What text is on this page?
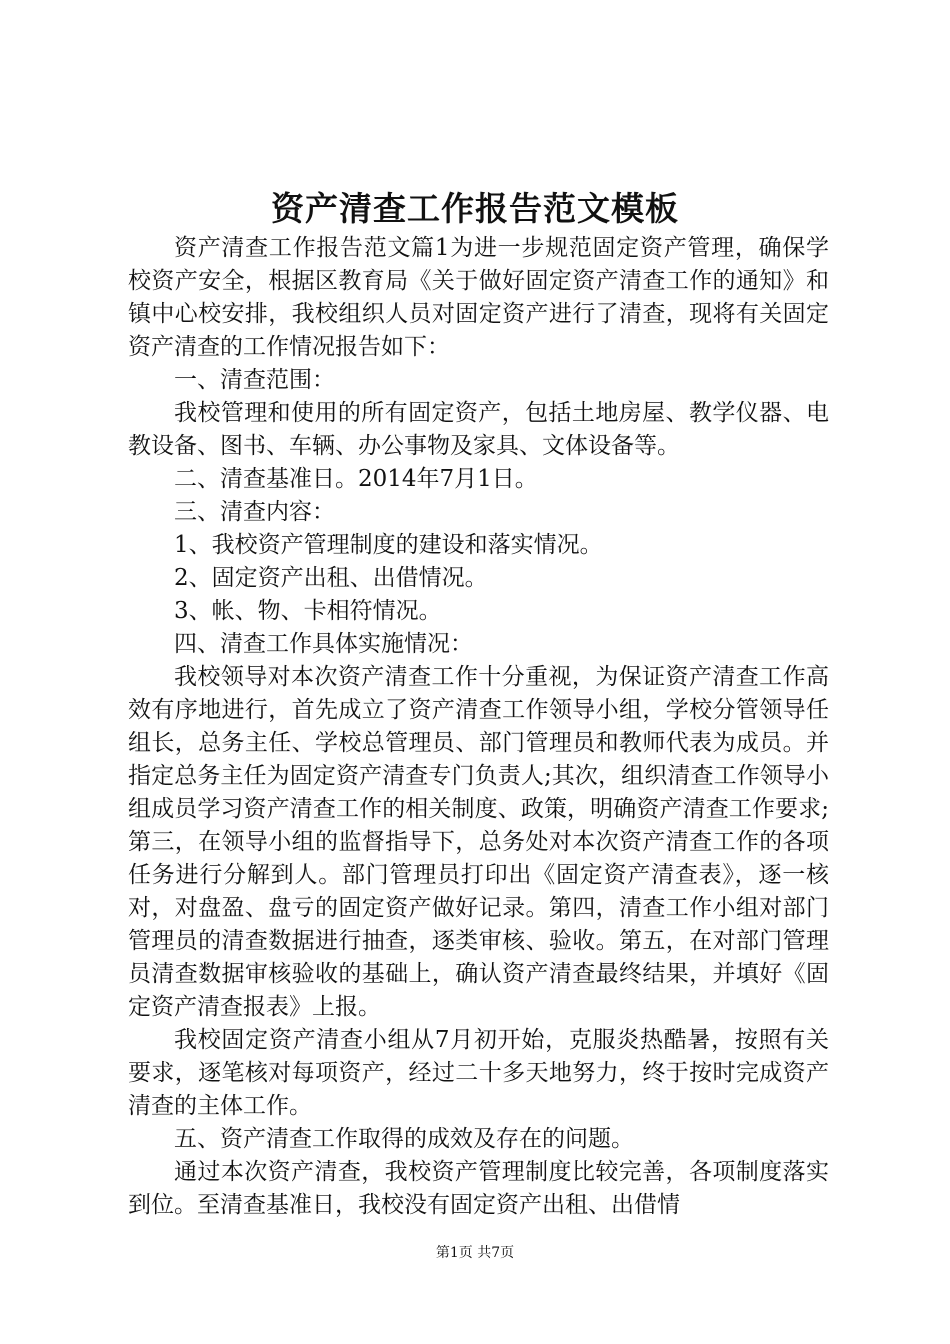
资产清查工作报告范文模板

资产清查工作报告范文篇1为进一步规范固定资产管理，确保学校资产安全，根据区教育局《关于做好固定资产清查工作的通知》和镇中心校安排，我校组织人员对固定资产进行了清查，现将有关固定资产清查的工作情况报告如下：

一、清查范围：

我校管理和使用的所有固定资产，包括土地房屋、教学仪器、电教设备、图书、车辆、办公事物及家具、文体设备等。

二、清查基准日。2014年7月1日。

三、清查内容：

1、我校资产管理制度的建设和落实情况。

2、固定资产出租、出借情况。

3、帐、物、卡相符情况。

四、清查工作具体实施情况：

我校领导对本次资产清查工作十分重视，为保证资产清查工作高效有序地进行，首先成立了资产清查工作领导小组，学校分管领导任组长，总务主任、学校总管理员、部门管理员和教师代表为成员。并指定总务主任为固定资产清查专门负责人;其次，组织清查工作领导小组成员学习资产清查工作的相关制度、政策，明确资产清查工作要求;第三，在领导小组的监督指导下，总务处对本次资产清查工作的各项任务进行分解到人。部门管理员打印出《固定资产清查表》，逐一核对，对盘盈、盘亏的固定资产做好记录。第四，清查工作小组对部门管理员的清查数据进行抽查，逐类审核、验收。第五，在对部门管理员清查数据审核验收的基础上，确认资产清查最终结果，并填好《固定资产清查报表》上报。

我校固定资产清查小组从7月初开始，克服炎热酷暑，按照有关要求，逐笔核对每项资产，经过二十多天地努力，终于按时完成资产清查的主体工作。

五、资产清查工作取得的成效及存在的问题。

通过本次资产清查，我校资产管理制度比较完善，各项制度落实到位。至清查基准日，我校没有固定资产出租、出借情

第1页 共7页
